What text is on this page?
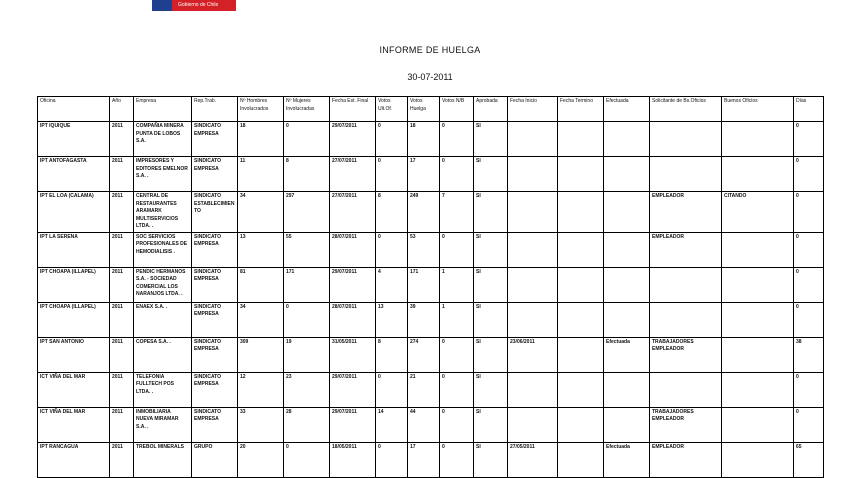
Gobierno de Chile
INFORME DE HUELGA
30-07-2011
Oficina	Año	Empresa	Rep.Trab.	Nº Hombres Involucrados	Nº Mujeres Involucradas	Fecha Est. Final	Votos Ult.Of.	Votos Huelga	Votos N/B	Aprobada	Fecha Inicio	Fecha Termino	Efectuada	Solicitante de Bs.Oficios	Buenos Oficios	Días
IPT IQUIQUE	2011	COMPAÑIA MINERA PUNTA DE LOBOS S.A.	SINDICATO EMPRESA	18	0	29/07/2011	0	18	0	SI						0
IPT ANTOFAGASTA	2011	IMPRESORES Y EDITORES EMELNOR S.A. .	SINDICATO EMPRESA	11	8	27/07/2011	0	17	0	SI						0
IPT EL LOA (CALAMA)	2011	CENTRAL DE RESTAURANTES ARAMARK MULTISERVICIOS LTDA. .	SINDICATO ESTABLECIMIENTO	34	297	27/07/2011	8	249	7	SI				EMPLEADOR	CITANDO	0
IPT LA SERENA	2011	SOC SERVICIOS PROFESIONALES DE HEMODIALISIS .	SINDICATO EMPRESA	13	55	28/07/2011	0	53	0	SI				EMPLEADOR		0
IPT CHOAPA (ILLAPEL)	2011	PENDIC HERMANOS S.A. - SOCIEDAD COMERCIAL LOS NARANJOS LTDA. .	SINDICATO EMPRESA	81	171	29/07/2011	4	171	1	SI						0
IPT CHOAPA (ILLAPEL)	2011	ENAEX S.A. .	SINDICATO EMPRESA	34	0	28/07/2011	13	39	1	SI						0
IPT SAN ANTONIO	2011	COPESA S.A. .	SINDICATO EMPRESA	309	19	31/05/2011	8	274	0	SI	23/06/2011		Efectuada	TRABAJADORES EMPLEADOR		38
ICT VIÑA DEL MAR	2011	TELEFONIA FULLTECH POS LTDA. .	SINDICATO EMPRESA	12	23	29/07/2011	0	21	0	SI						0
ICT VIÑA DEL MAR	2011	INMOBILIARIA NUEVA MIRAMAR S.A. .	SINDICATO EMPRESA	33	28	29/07/2011	14	44	0	SI				TRABAJADORES EMPLEADOR		0
IPT RANCAGUA	2011	TREBOL MINERALS	GRUPO	20	0	18/05/2011	0	17	0	SI	27/05/2011		Efectuada	EMPLEADOR		65
